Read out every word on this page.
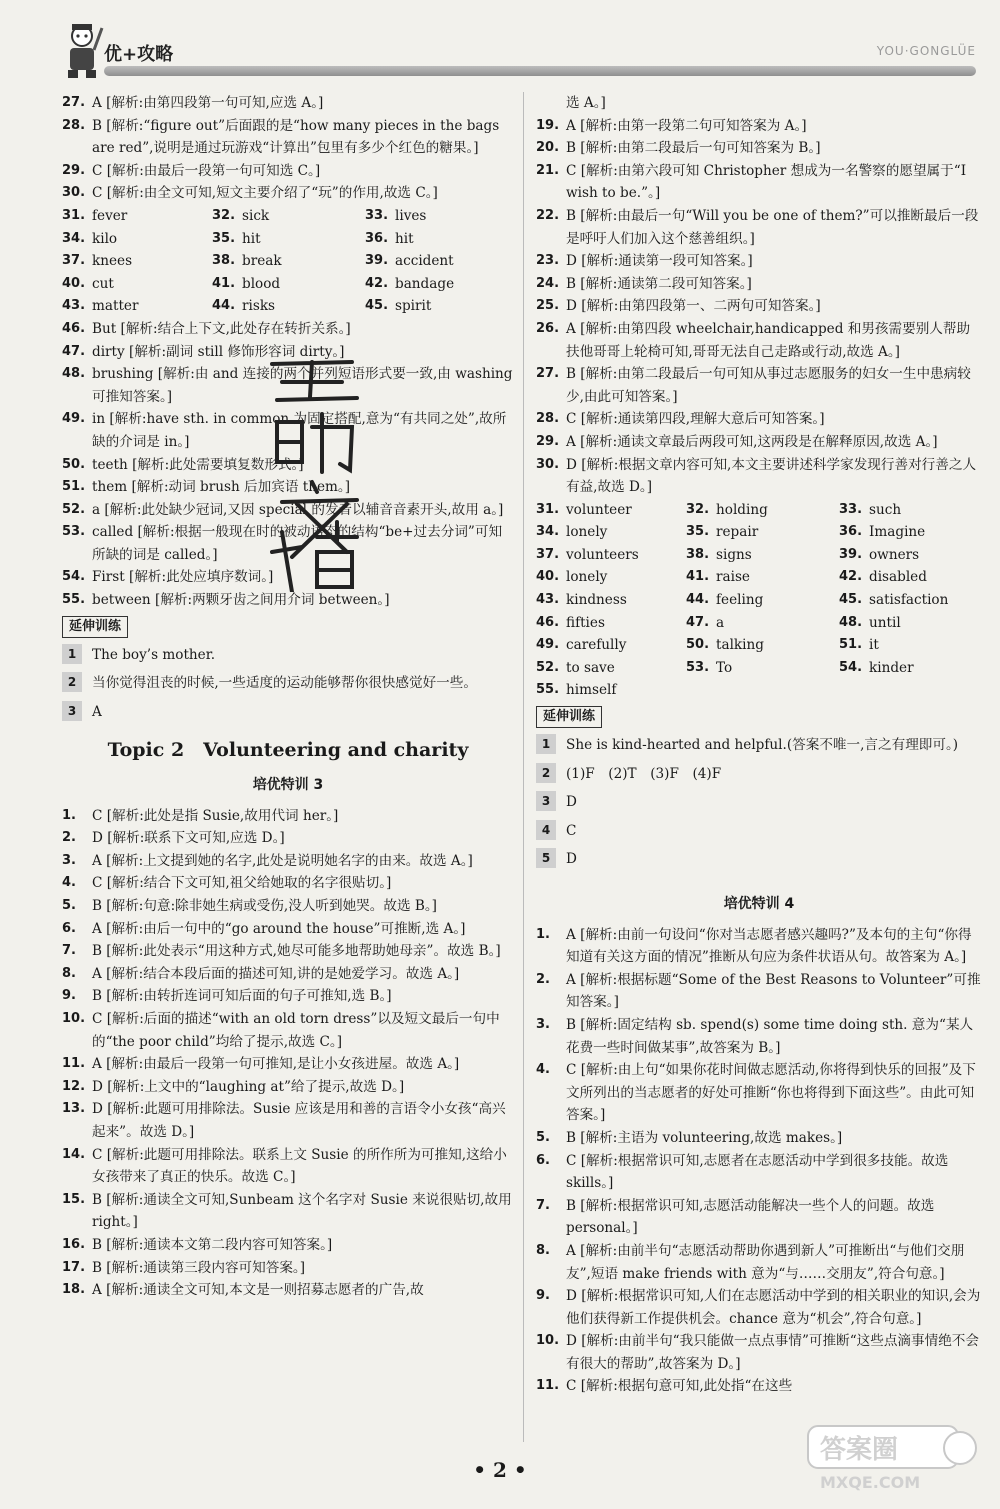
优+攻略	YOU·GONGLÜE
27. A [解析:由第四段第一句可知,应选 A。]
28. B [解析:“figure out”后面跟的是“how many pieces in the bags are red”,说明是通过玩游戏“计算出”包里有多少个红色的糖果。]
29. C [解析:由最后一段第一句可知选 C。]
30. C [解析:由全文可知,短文主要介绍了“玩”的作用,故选 C。]
31. fever	32. sick	33. lives
34. kilo	35. hit	36. hit
37. knees	38. break	39. accident
40. cut	41. blood	42. bandage
43. matter	44. risks	45. spirit
46. But [解析:结合上下文,此处存在转折关系。]
47. dirty [解析:副词 still 修饰形容词 dirty。]
48. brushing [解析:由 and 连接的两个并列短语形式要一致,由 washing 可推知答案。]
49. in [解析:have sth. in common 为固定搭配,意为“有共同之处”,故所缺的介词是 in。]
50. teeth [解析:此处需要填复数形式。]
51. them [解析:动词 brush 后加宾语 them。]
52. a [解析:此处缺少冠词,又因 special 的发音以辅音音素开头,故用 a。]
53. called [解析:根据一般现在时的被动语态的结构“be+过去分词”可知所缺的词是 called。]
54. First [解析:此处应填序数词。]
55. between [解析:两颗牙齿之间用介词 between。]
延伸训练
1	The boy’s mother.
2	当你觉得沮丧的时候,一些适度的运动能够帮你很快感觉好一些。
3	A
Topic 2　Volunteering and charity
培优特训 3
1.	C [解析:此处是指 Susie,故用代词 her。]
2.	D [解析:联系下文可知,应选 D。]
3.	A [解析:上文提到她的名字,此处是说明她名字的由来。故选 A。]
4.	C [解析:结合下文可知,祖父给她取的名字很贴切。]
5.	B [解析:句意:除非她生病或受伤,没人听到她哭。故选 B。]
6.	A [解析:由后一句中的“go around the house”可推断,选 A。]
7.	B [解析:此处表示“用这种方式,她尽可能多地帮助她母亲”。故选 B。]
8.	A [解析:结合本段后面的描述可知,讲的是她爱学习。故选 A。]
9.	B [解析:由转折连词可知后面的句子可推知,选 B。]
10. C [解析:后面的描述“with an old torn dress”以及短文最后一句中的“the poor child”均给了提示,故选 C。]
11. A [解析:由最后一段第一句可推知,是让小女孩进屋。故选 A。]
12. D [解析:上文中的“laughing at”给了提示,故选 D。]
13. D [解析:此题可用排除法。Susie 应该是用和善的言语令小女孩“高兴起来”。故选 D。]
14. C [解析:此题可用排除法。联系上文 Susie 的所作所为可推知,这给小女孩带来了真正的快乐。故选 C。]
15. B [解析:通读全文可知,Sunbeam 这个名字对 Susie 来说很贴切,故用 right。]
16. B [解析:通读本文第二段内容可知答案。]
17. B [解析:通读第三段内容可知答案。]
18. A [解析:通读全文可知,本文是一则招募志愿者的广告,故
选 A。]
19. A [解析:由第一段第二句可知答案为 A。]
20. B [解析:由第二段最后一句可知答案为 B。]
21. C [解析:由第六段可知 Christopher 想成为一名警察的愿望属于“I wish to be.”。]
22. B [解析:由最后一句“Will you be one of them?”可以推断最后一段是呼吁人们加入这个慈善组织。]
23. D [解析:通读第一段可知答案。]
24. B [解析:通读第二段可知答案。]
25. D [解析:由第四段第一、二两句可知答案。]
26. A [解析:由第四段 wheelchair,handicapped 和男孩需要别人帮助扶他哥哥上轮椅可知,哥哥无法自己走路或行动,故选 A。]
27. B [解析:由第二段最后一句可知从事过志愿服务的妇女一生中患病较少,由此可知答案。]
28. C [解析:通读第四段,理解大意后可知答案。]
29. A [解析:通读文章最后两段可知,这两段是在解释原因,故选 A。]
30. D [解析:根据文章内容可知,本文主要讲述科学家发现行善对行善之人有益,故选 D。]
31. volunteer	32. holding	33. such
34. lonely	35. repair	36. Imagine
37. volunteers	38. signs	39. owners
40. lonely	41. raise	42. disabled
43. kindness	44. feeling	45. satisfaction
46. fifties	47. a	48. until
49. carefully	50. talking	51. it
52. to save	53. To	54. kinder
55. himself
延伸训练
1	She is kind-hearted and helpful.(答案不唯一,言之有理即可。)
2	(1)F　(2)T　(3)F　(4)F
3	D
4	C
5	D
培优特训 4
1.	A [解析:由前一句设问“你对当志愿者感兴趣吗?”及本句的主句“你得知道有关这方面的情况”推断从句应为条件状语从句。故答案为 A。]
2.	A [解析:根据标题“Some of the Best Reasons to Volunteer”可推知答案。]
3.	B [解析:固定结构 sb. spend(s) some time doing sth. 意为“某人花费一些时间做某事”,故答案为 B。]
4.	C [解析:由上句“如果你花时间做志愿活动,你将得到快乐的回报”及下文所列出的当志愿者的好处可推断“你也将得到下面这些”。由此可知答案。]
5.	B [解析:主语为 volunteering,故选 makes。]
6.	C [解析:根据常识可知,志愿者在志愿活动中学到很多技能。故选 skills。]
7.	B [解析:根据常识可知,志愿活动能解决一些个人的问题。故选 personal。]
8.	A [解析:由前半句“志愿活动帮助你遇到新人”可推断出“与他们交朋友”,短语 make friends with 意为“与……交朋友”,符合句意。]
9.	D [解析:根据常识可知,人们在志愿活动中学到的相关职业的知识,会为他们获得新工作提供机会。chance 意为“机会”,符合句意。]
10. D [解析:由前半句“我只能做一点点事情”可推断“这些点滴事情绝不会有很大的帮助”,故答案为 D。]
11. C [解析:根据句意可知,此处指“在这些
答案圈
MXQE.COM
• 2 •
